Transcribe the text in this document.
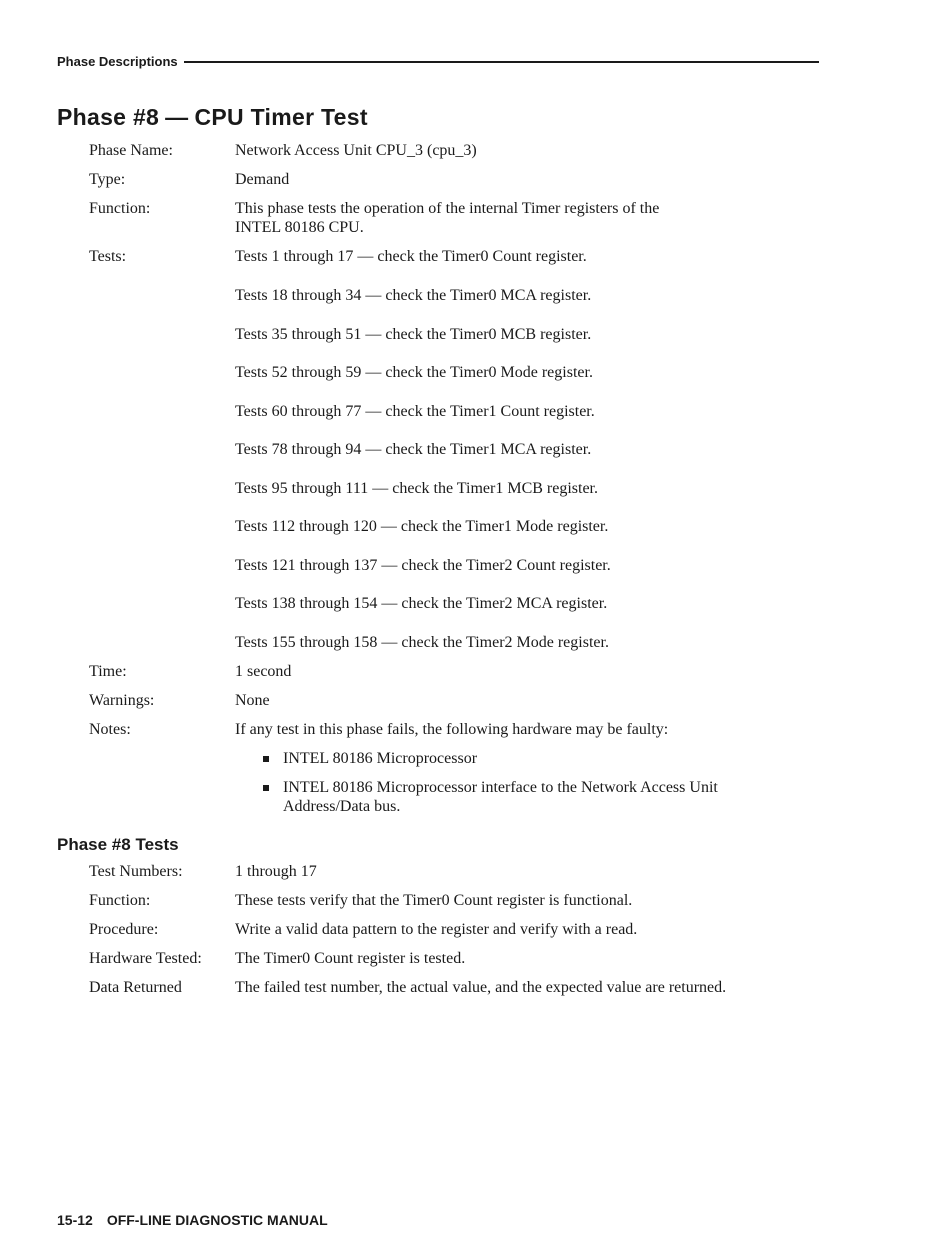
Phase Descriptions
Phase #8 — CPU Timer Test
Phase Name:	Network Access Unit CPU_3 (cpu_3)
Type:	Demand
Function:	This phase tests the operation of the internal Timer registers of the
INTEL 80186 CPU.
Tests:	Tests 1 through 17 — check the Timer0 Count register.
Tests 18 through 34 — check the Timer0 MCA register.
Tests 35 through 51 — check the Timer0 MCB register.
Tests 52 through 59 — check the Timer0 Mode register.
Tests 60 through 77 — check the Timer1 Count register.
Tests 78 through 94 — check the Timer1 MCA register.
Tests 95 through 111 — check the Timer1 MCB register.
Tests 112 through 120 — check the Timer1 Mode register.
Tests 121 through 137 — check the Timer2 Count register.
Tests 138 through 154 — check the Timer2 MCA register.
Tests 155 through 158 — check the Timer2 Mode register.
Time:	1 second
Warnings:	None
Notes:	If any test in this phase fails, the following hardware may be faulty:
INTEL 80186 Microprocessor
INTEL 80186 Microprocessor interface to the Network Access Unit Address/Data bus.
Phase #8 Tests
Test Numbers:	1 through 17
Function:	These tests verify that the Timer0 Count register is functional.
Procedure:	Write a valid data pattern to the register and verify with a read.
Hardware Tested: The Timer0 Count register is tested.
Data Returned	The failed test number, the actual value, and the expected value are returned.
15-12 OFF-LINE DIAGNOSTIC MANUAL
